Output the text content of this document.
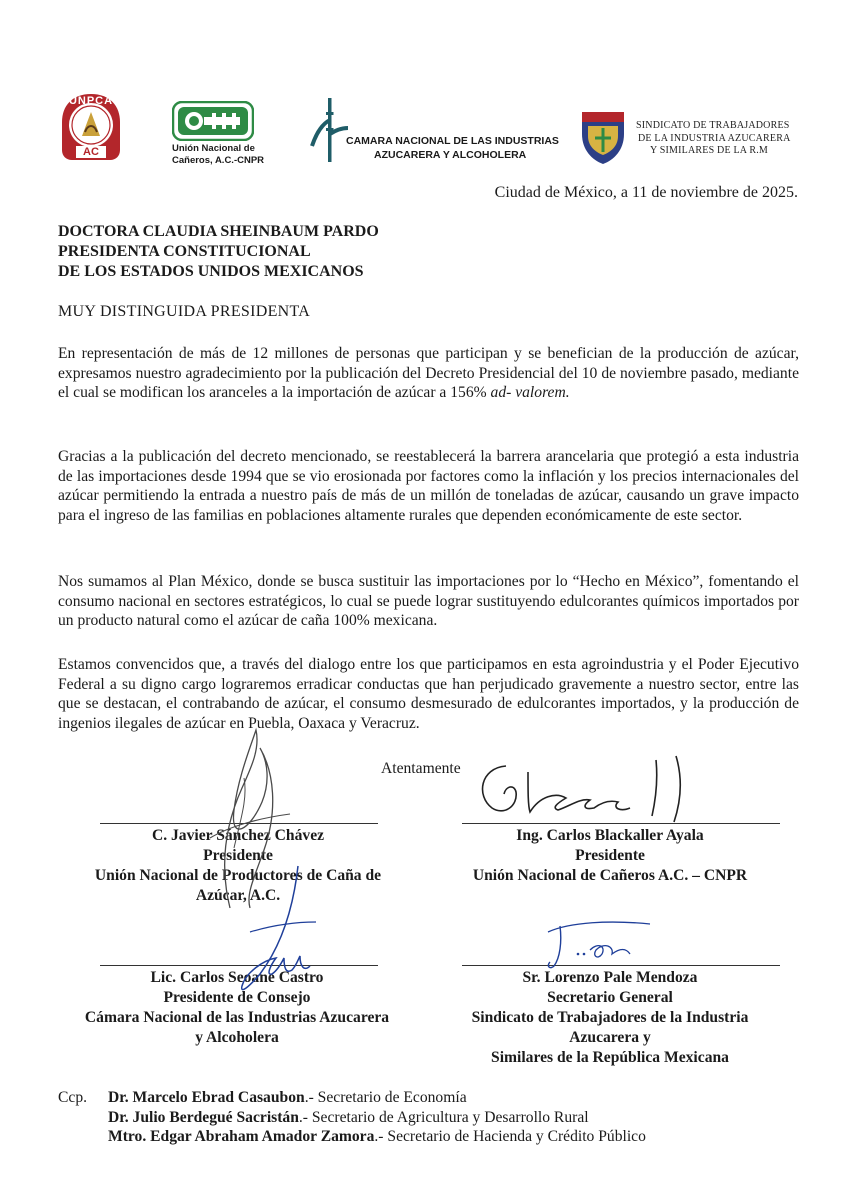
UNPCA
AC	Unión Nacional de
Cañeros, A.C.-CNPR
CAMARA NACIONAL DE LAS INDUSTRIAS
AZUCARERA Y ALCOHOLERA
SINDICATO DE TRABAJADORES
DE LA INDUSTRIA AZUCARERA
Y SIMILARES DE LA R.M
Ciudad de México, a 11 de noviembre de 2025.
DOCTORA CLAUDIA SHEINBAUM PARDO
PRESIDENTA CONSTITUCIONAL
DE LOS ESTADOS UNIDOS MEXICANOS
MUY DISTINGUIDA PRESIDENTA

En representación de más de 12 millones de personas que participan y se benefician de la producción de azúcar, expresamos nuestro agradecimiento por la publicación del Decreto Presidencial del 10 de noviembre pasado, mediante el cual se modifican los aranceles a la importación de azúcar a 156% ad- valorem.

Gracias a la publicación del decreto mencionado, se reestablecerá la barrera arancelaria que protegió a esta industria de las importaciones desde 1994 que se vio erosionada por factores como la inflación y los precios internacionales del azúcar permitiendo la entrada a nuestro país de más de un millón de toneladas de azúcar, causando un grave impacto para el ingreso de las familias en poblaciones altamente rurales que dependen económicamente de este sector.

Nos sumamos al Plan México, donde se busca sustituir las importaciones por lo “Hecho en México”, fomentando el consumo nacional en sectores estratégicos, lo cual se puede lograr sustituyendo edulcorantes químicos importados por un producto natural como el azúcar de caña 100% mexicana.

Estamos convencidos que, a través del dialogo entre los que participamos en esta agroindustria y el Poder Ejecutivo Federal a su digno cargo lograremos erradicar conductas que han perjudicado gravemente a nuestro sector, entre las que se destacan, el contrabando de azúcar, el consumo desmesurado de edulcorantes importados, y la producción de ingenios ilegales de azúcar en Puebla, Oaxaca y Veracruz.

Atentamente
C. Javier Sánchez Chávez
Presidente
Unión Nacional de Productores de Caña de
Azúcar, A.C.
Ing. Carlos Blackaller Ayala
Presidente
Unión Nacional de Cañeros A.C. – CNPR
Lic. Carlos Seoane Castro
Presidente de Consejo
Cámara Nacional de las Industrias Azucarera
y Alcoholera
Sr. Lorenzo Pale Mendoza
Secretario General
Sindicato de Trabajadores de la Industria
Azucarera y
Similares de la República Mexicana
Ccp. Dr. Marcelo Ebrad Casaubon.- Secretario de Economía
Dr. Julio Berdegué Sacristán.- Secretario de Agricultura y Desarrollo Rural
Mtro. Edgar Abraham Amador Zamora.- Secretario de Hacienda y Crédito Público
